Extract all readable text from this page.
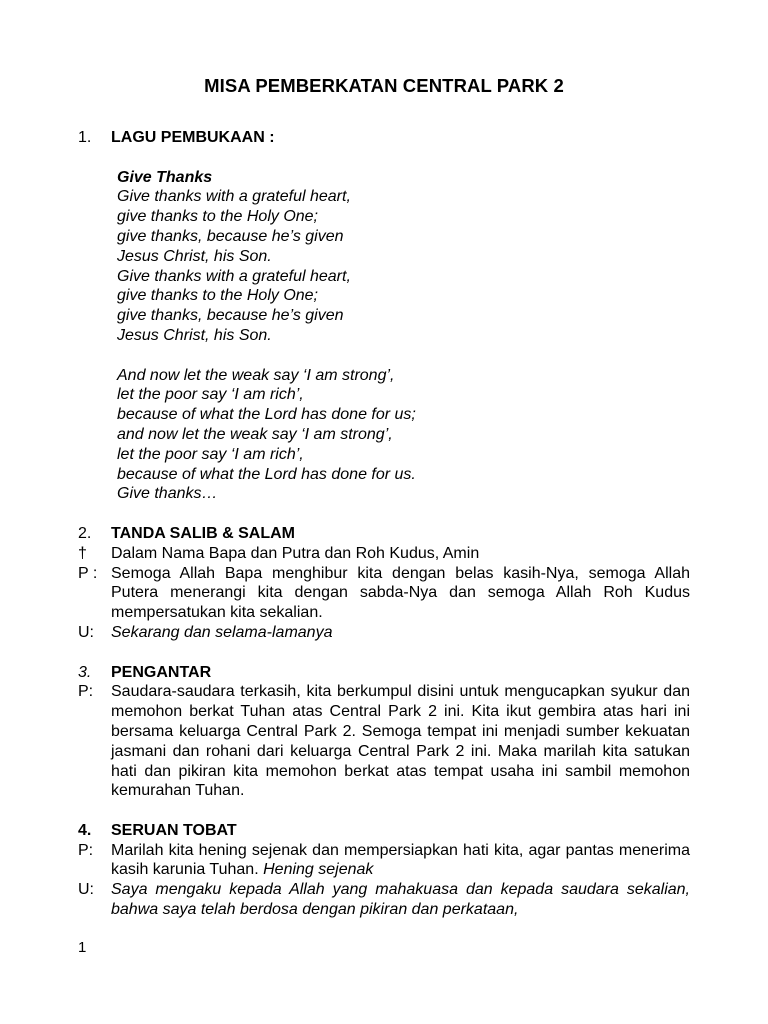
MISA PEMBERKATAN CENTRAL PARK 2
1.	LAGU PEMBUKAAN :
Give Thanks
Give thanks with a grateful heart,
give thanks to the Holy One;
give thanks, because he’s given
Jesus Christ, his Son.
Give thanks with a grateful heart,
give thanks to the Holy One;
give thanks, because he’s given
Jesus Christ, his Son.
And now let the weak say ‘I am strong’,
let the poor say ‘I am rich’,
because of what the Lord has done for us;
and now let the weak say ‘I am strong’,
let the poor say ‘I am rich’,
because of what the Lord has done for us.
Give thanks…
2.	TANDA SALIB & SALAM
†	Dalam Nama Bapa dan Putra dan Roh Kudus, Amin
P : Semoga Allah Bapa menghibur kita dengan belas kasih-Nya, semoga Allah Putera menerangi kita dengan sabda-Nya dan semoga Allah Roh Kudus mempersatukan kita sekalian.
U:	Sekarang dan selama-lamanya
3.	PENGANTAR
P:	Saudara-saudara terkasih, kita berkumpul disini untuk mengucapkan syukur dan memohon berkat Tuhan atas Central Park 2 ini. Kita ikut gembira atas hari ini bersama keluarga Central Park 2. Semoga tempat ini menjadi sumber kekuatan jasmani dan rohani dari keluarga Central Park 2 ini. Maka marilah kita satukan hati dan pikiran kita memohon berkat atas tempat usaha ini sambil memohon kemurahan Tuhan.
4.	SERUAN TOBAT
P:	Marilah kita hening sejenak dan mempersiapkan hati kita, agar pantas menerima kasih karunia Tuhan. Hening sejenak
U:	Saya mengaku kepada Allah yang mahakuasa dan kepada saudara sekalian, bahwa saya telah berdosa dengan pikiran dan perkataan,
1
